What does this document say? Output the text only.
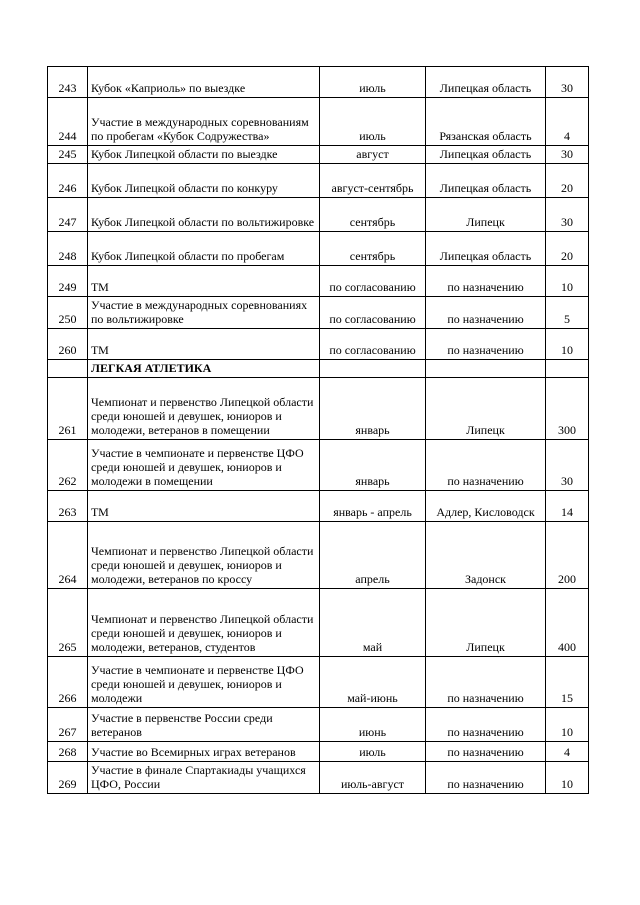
243	Кубок «Каприоль» по выездке	июль	Липецкая область	30
244	Участие в международных соревнованиям по пробегам «Кубок Содружества»	июль	Рязанская область	4
245	Кубок Липецкой области по выездке	август	Липецкая область	30
246	Кубок Липецкой области по конкуру	август-сентябрь	Липецкая область	20
247	Кубок Липецкой области по вольтижировке	сентябрь	Липецк	30
248	Кубок Липецкой области по пробегам	сентябрь	Липецкая область	20
249	ТМ	по согласованию	по назначению	10
250	Участие в международных соревнованиях по вольтижировке	по согласованию	по назначению	5
260	ТМ	по согласованию	по назначению	10
	ЛЕГКАЯ АТЛЕТИКА			
261	Чемпионат и первенство Липецкой области среди юношей и девушек, юниоров и молодежи, ветеранов в помещении	январь	Липецк	300
262	Участие в чемпионате и первенстве ЦФО среди юношей и девушек, юниоров и молодежи в помещении	январь	по назначению	30
263	ТМ	январь - апрель	Адлер, Кисловодск	14
264	Чемпионат и первенство Липецкой области среди юношей и девушек, юниоров и молодежи, ветеранов по кроссу	апрель	Задонск	200
265	Чемпионат и первенство Липецкой области среди юношей и девушек, юниоров и молодежи, ветеранов, студентов	май	Липецк	400
266	Участие в чемпионате и первенстве ЦФО среди юношей и девушек, юниоров и молодежи	май-июнь	по назначению	15
267	Участие в первенстве России среди ветеранов	июнь	по назначению	10
268	Участие во Всемирных играх ветеранов	июль	по назначению	4
269	Участие в финале Спартакиады учащихся ЦФО, России	июль-август	по назначению	10
